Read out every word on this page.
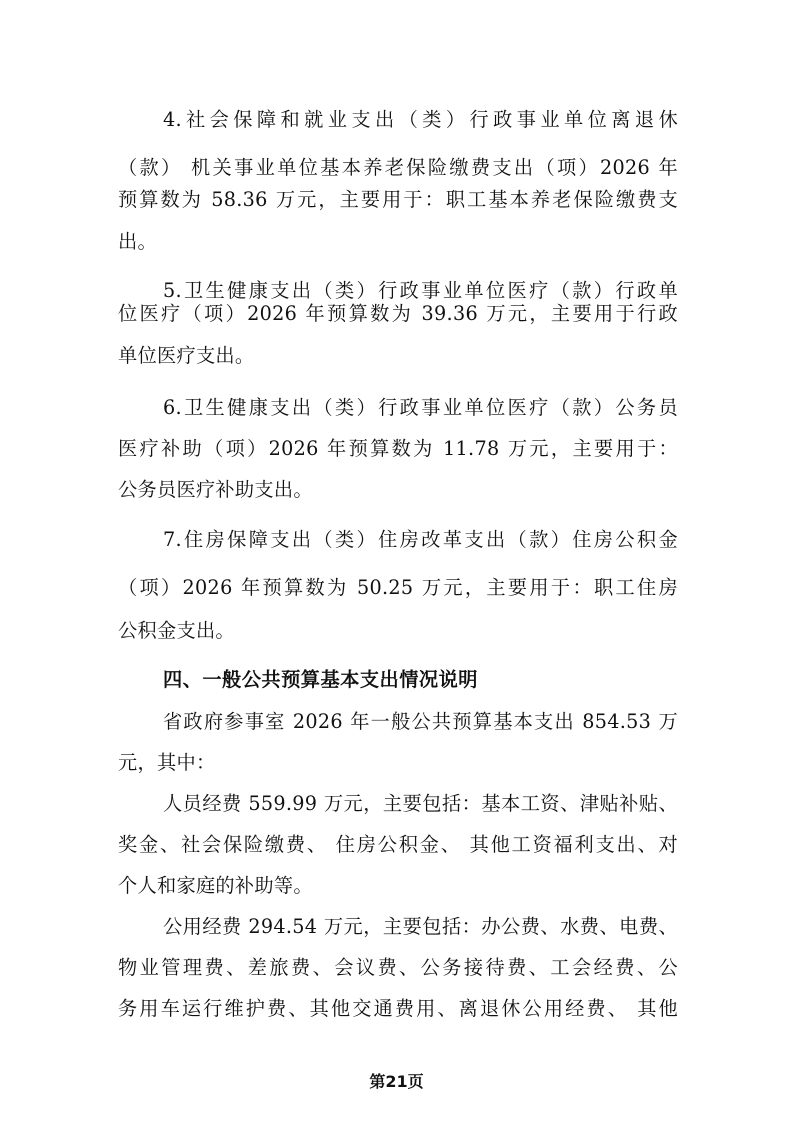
4.社会保障和就业支出（类）行政事业单位离退休
（款） 机关事业单位基本养老保险缴费支出（项）2026 年
预算数为 58.36 万元，主要用于：职工基本养老保险缴费支
出。
5.卫生健康支出（类）行政事业单位医疗（款）行政单
位医疗（项）2026 年预算数为 39.36 万元，主要用于行政
单位医疗支出。
6.卫生健康支出（类）行政事业单位医疗（款）公务员
医疗补助（项）2026 年预算数为 11.78 万元，主要用于：
公务员医疗补助支出。
7.住房保障支出（类）住房改革支出（款）住房公积金
（项）2026 年预算数为 50.25 万元，主要用于：职工住房
公积金支出。
四、一般公共预算基本支出情况说明
省政府参事室 2026 年一般公共预算基本支出 854.53 万
元，其中：
人员经费 559.99 万元，主要包括：基本工资、津贴补贴、
奖金、社会保险缴费、 住房公积金、 其他工资福利支出、对
个人和家庭的补助等。
公用经费 294.54 万元，主要包括：办公费、水费、电费、
物业管理费、差旅费、会议费、公务接待费、工会经费、公
务用车运行维护费、其他交通费用、离退休公用经费、 其他
第21页
